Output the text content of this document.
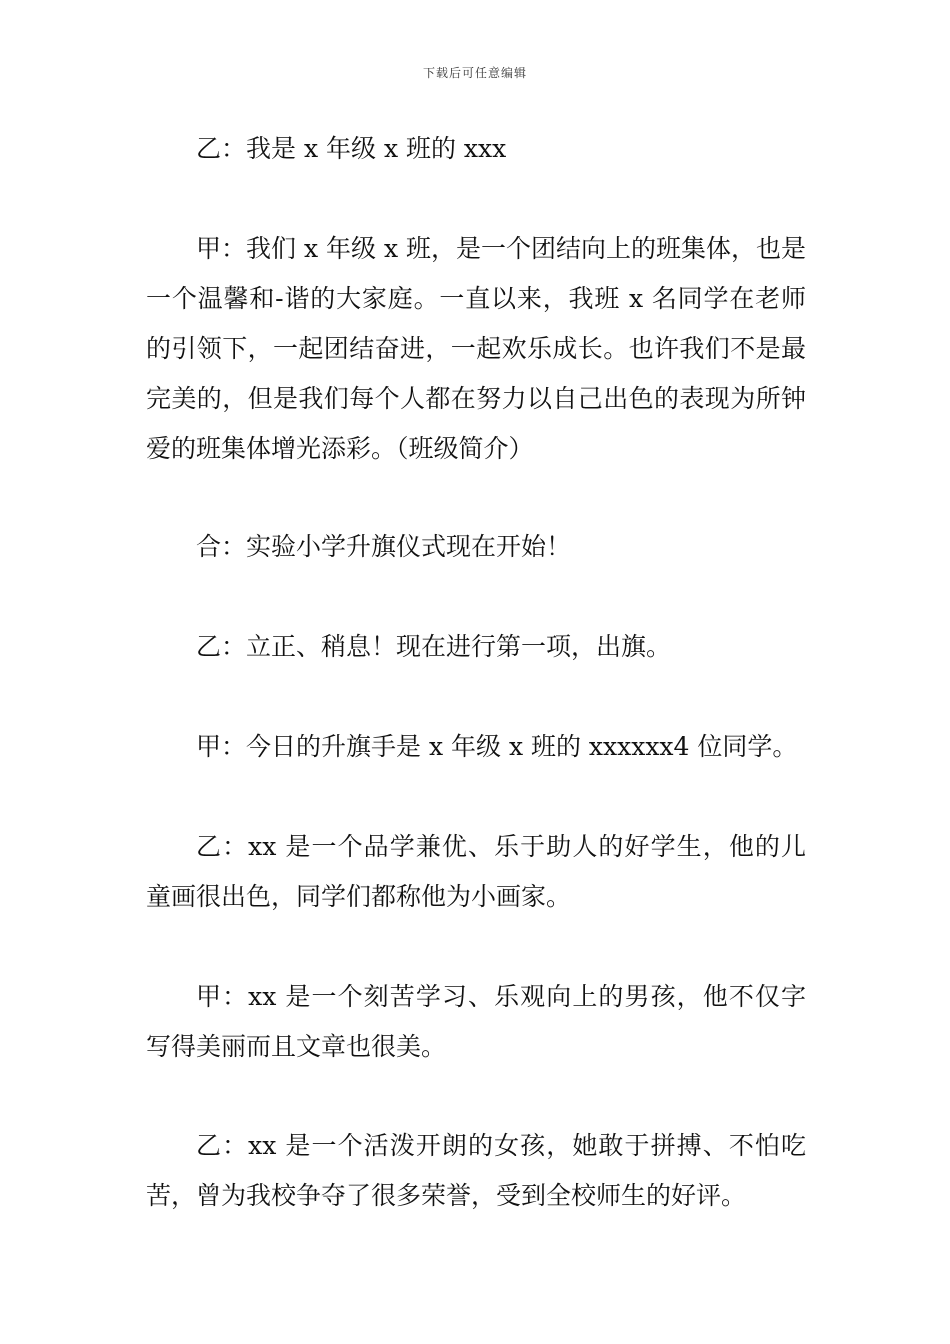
下载后可任意编辑

乙：我是 x 年级 x 班的 xxx

甲：我们 x 年级 x 班，是一个团结向上的班集体，也是一个温馨和-谐的大家庭。一直以来，我班 x 名同学在老师的引领下，一起团结奋进，一起欢乐成长。也许我们不是最完美的，但是我们每个人都在努力以自己出色的表现为所钟爱的班集体增光添彩。（班级简介）

合：实验小学升旗仪式现在开始！

乙：立正、稍息！现在进行第一项，出旗。

甲：今日的升旗手是 x 年级 x 班的 xxxxxx4 位同学。

乙：xx 是一个品学兼优、乐于助人的好学生，他的儿童画很出色，同学们都称他为小画家。

甲：xx 是一个刻苦学习、乐观向上的男孩，他不仅字写得美丽而且文章也很美。

乙：xx 是一个活泼开朗的女孩，她敢于拼搏、不怕吃苦，曾为我校争夺了很多荣誉，受到全校师生的好评。
